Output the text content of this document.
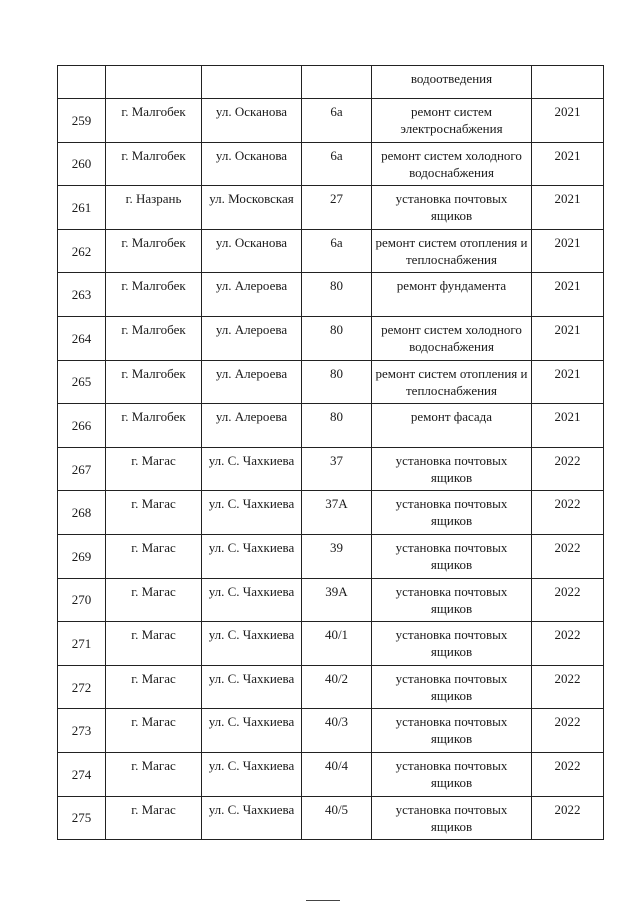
				водоотведения	
259	г. Малгобек	ул. Осканова	6а	ремонт систем электроснабжения	2021
260	г. Малгобек	ул. Осканова	6а	ремонт систем холодного водоснабжения	2021
261	г. Назрань	ул. Московская	27	установка почтовых ящиков	2021
262	г. Малгобек	ул. Осканова	6а	ремонт систем отопления и теплоснабжения	2021
263	г. Малгобек	ул. Алероева	80	ремонт фундамента	2021
264	г. Малгобек	ул. Алероева	80	ремонт систем холодного водоснабжения	2021
265	г. Малгобек	ул. Алероева	80	ремонт систем отопления и теплоснабжения	2021
266	г. Малгобек	ул. Алероева	80	ремонт фасада	2021
267	г. Магас	ул. С. Чахкиева	37	установка почтовых ящиков	2022
268	г. Магас	ул. С. Чахкиева	37А	установка почтовых ящиков	2022
269	г. Магас	ул. С. Чахкиева	39	установка почтовых ящиков	2022
270	г. Магас	ул. С. Чахкиева	39А	установка почтовых ящиков	2022
271	г. Магас	ул. С. Чахкиева	40/1	установка почтовых ящиков	2022
272	г. Магас	ул. С. Чахкиева	40/2	установка почтовых ящиков	2022
273	г. Магас	ул. С. Чахкиева	40/3	установка почтовых ящиков	2022
274	г. Магас	ул. С. Чахкиева	40/4	установка почтовых ящиков	2022
275	г. Магас	ул. С. Чахкиева	40/5	установка почтовых ящиков	2022
